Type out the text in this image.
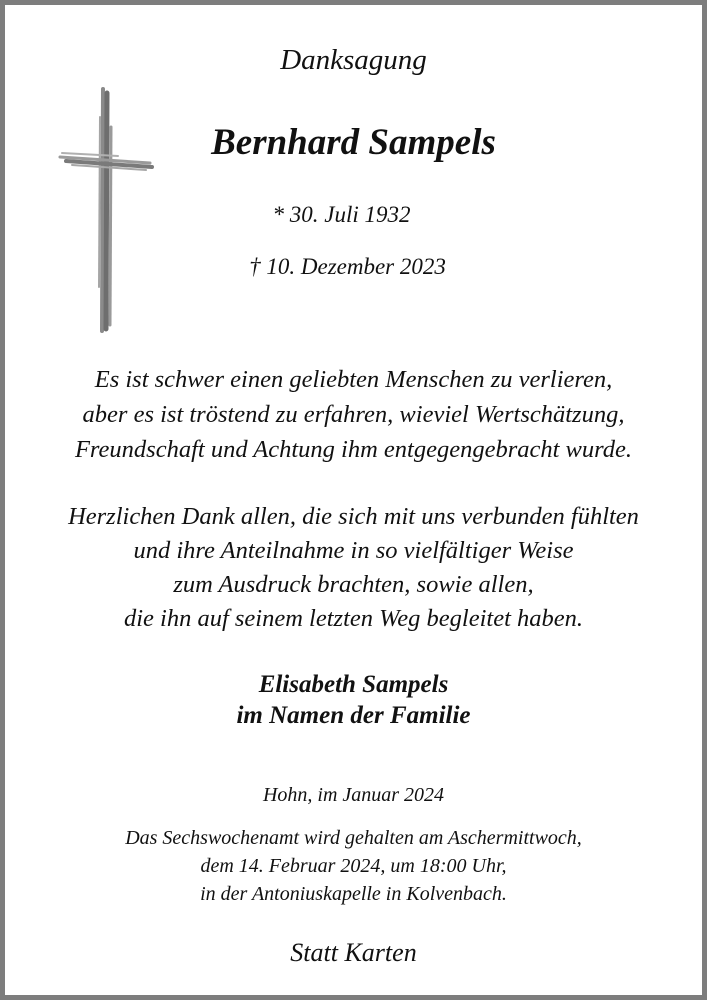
Danksagung
Bernhard Sampels
* 30. Juli 1932
† 10. Dezember 2023

Es ist schwer einen geliebten Menschen zu verlieren,

aber es ist tröstend zu erfahren, wieviel Wertschätzung,

Freundschaft und Achtung ihm entgegengebracht wurde.

Herzlichen Dank allen, die sich mit uns verbunden fühlten

und ihre Anteilnahme in so vielfältiger Weise

zum Ausdruck brachten, sowie allen,

die ihn auf seinem letzten Weg begleitet haben.

Elisabeth Sampels
im Namen der Familie
Hohn, im Januar 2024
Das Sechswochenamt wird gehalten am Aschermittwoch,
dem 14. Februar 2024, um 18:00 Uhr,
in der Antoniuskapelle in Kolvenbach.
Statt Karten
